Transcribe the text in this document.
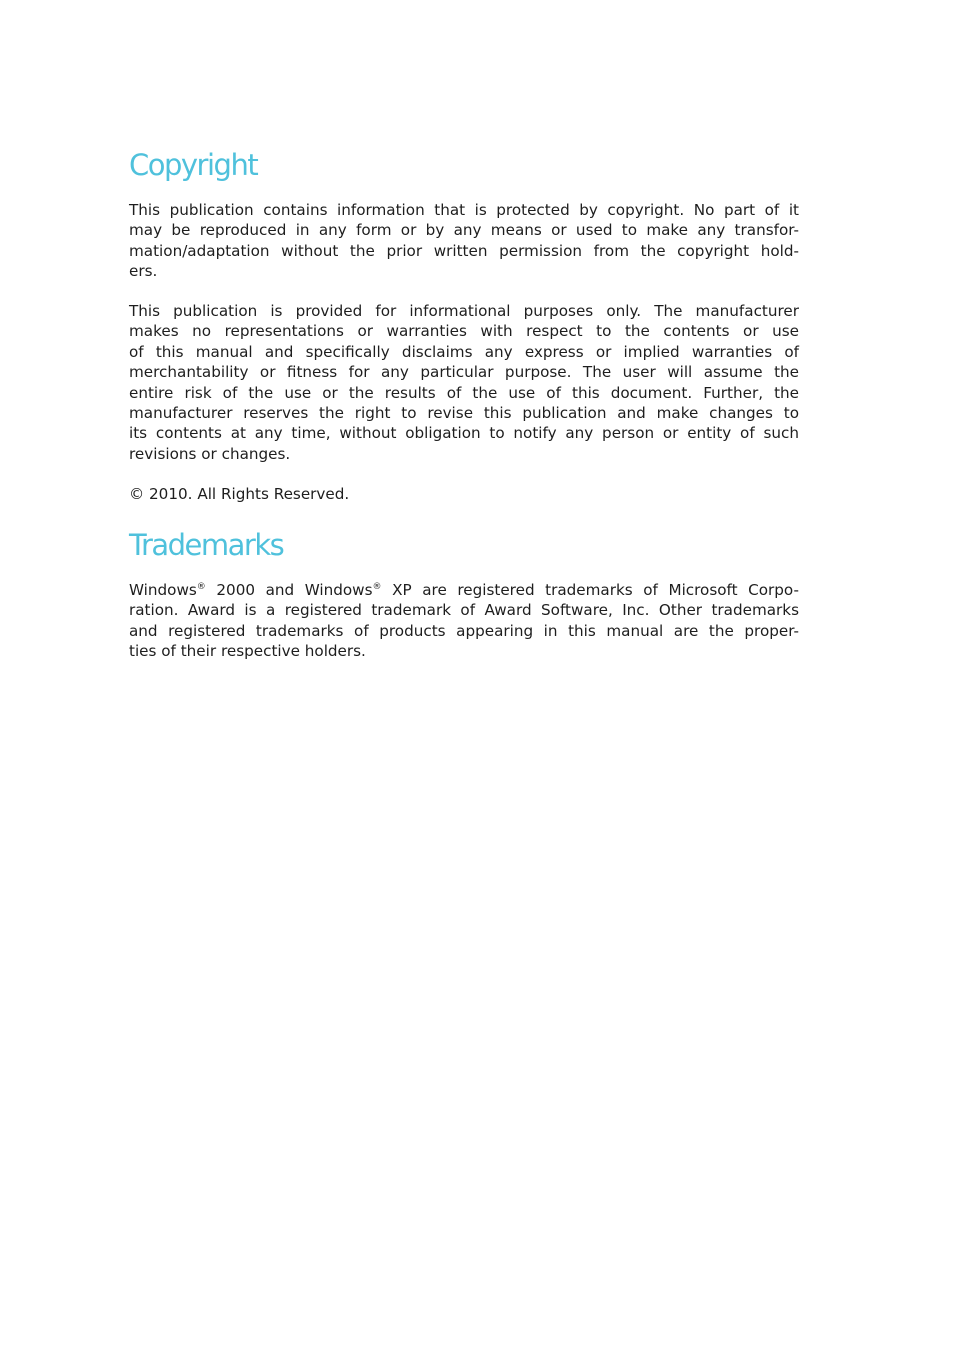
Copyright
This publication contains information that is protected by copyright. No part of it
may be reproduced in any form or by any means or used to make any transfor-
mation/adaptation without the prior written permission from the copyright hold-
ers.
This publication is provided for informational purposes only. The manufacturer
makes no representations or warranties with respect to the contents or use
of this manual and specifically disclaims any express or implied warranties of
merchantability or fitness for any particular purpose. The user will assume the
entire risk of the use or the results of the use of this document. Further, the
manufacturer reserves the right to revise this publication and make changes to
its contents at any time, without obligation to notify any person or entity of such
revisions or changes.
© 2010. All Rights Reserved.
Trademarks
Windows® 2000 and Windows® XP are registered trademarks of Microsoft Corpo-
ration. Award is a registered trademark of Award Software, Inc. Other trademarks
and registered trademarks of products appearing in this manual are the proper-
ties of their respective holders.
